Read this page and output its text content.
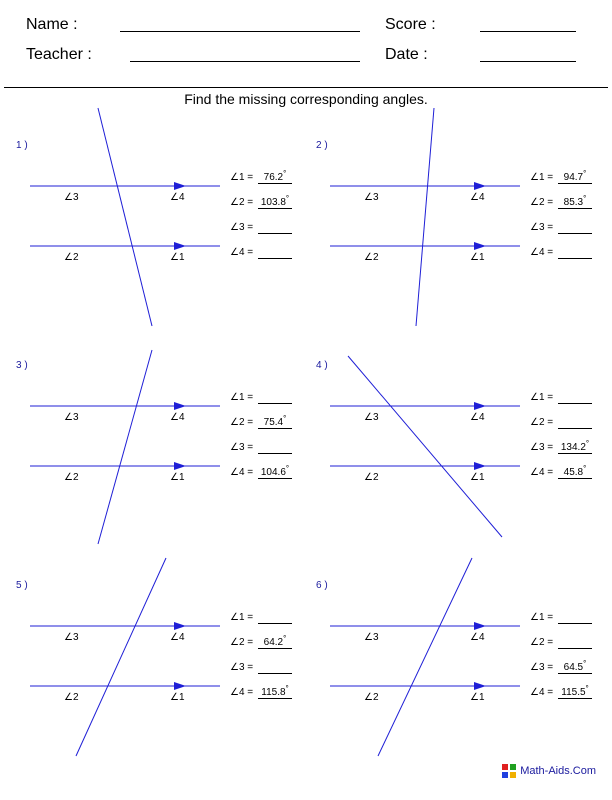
Name :	Score :
Teacher :	Date :
Find the missing corresponding angles.
1 )
∠3	∠4
∠2	∠1
∠1 = 76.2°
∠2 = 103.8°
∠3 =
∠4 =
2 )
∠3	∠4
∠2	∠1
∠1 = 94.7°
∠2 = 85.3°
∠3 =
∠4 =
3 )
∠3	∠4
∠2	∠1
∠1 =
∠2 = 75.4°
∠3 =
∠4 = 104.6°
4 )
∠3	∠4
∠2	∠1
∠1 =
∠2 =
∠3 = 134.2°
∠4 = 45.8°
5 )
∠3	∠4
∠2	∠1
∠1 =
∠2 = 64.2°
∠3 =
∠4 = 115.8°
6 )
∠3	∠4
∠2	∠1
∠1 =
∠2 =
∠3 = 64.5°
∠4 = 115.5°
Math-Aids.Com
